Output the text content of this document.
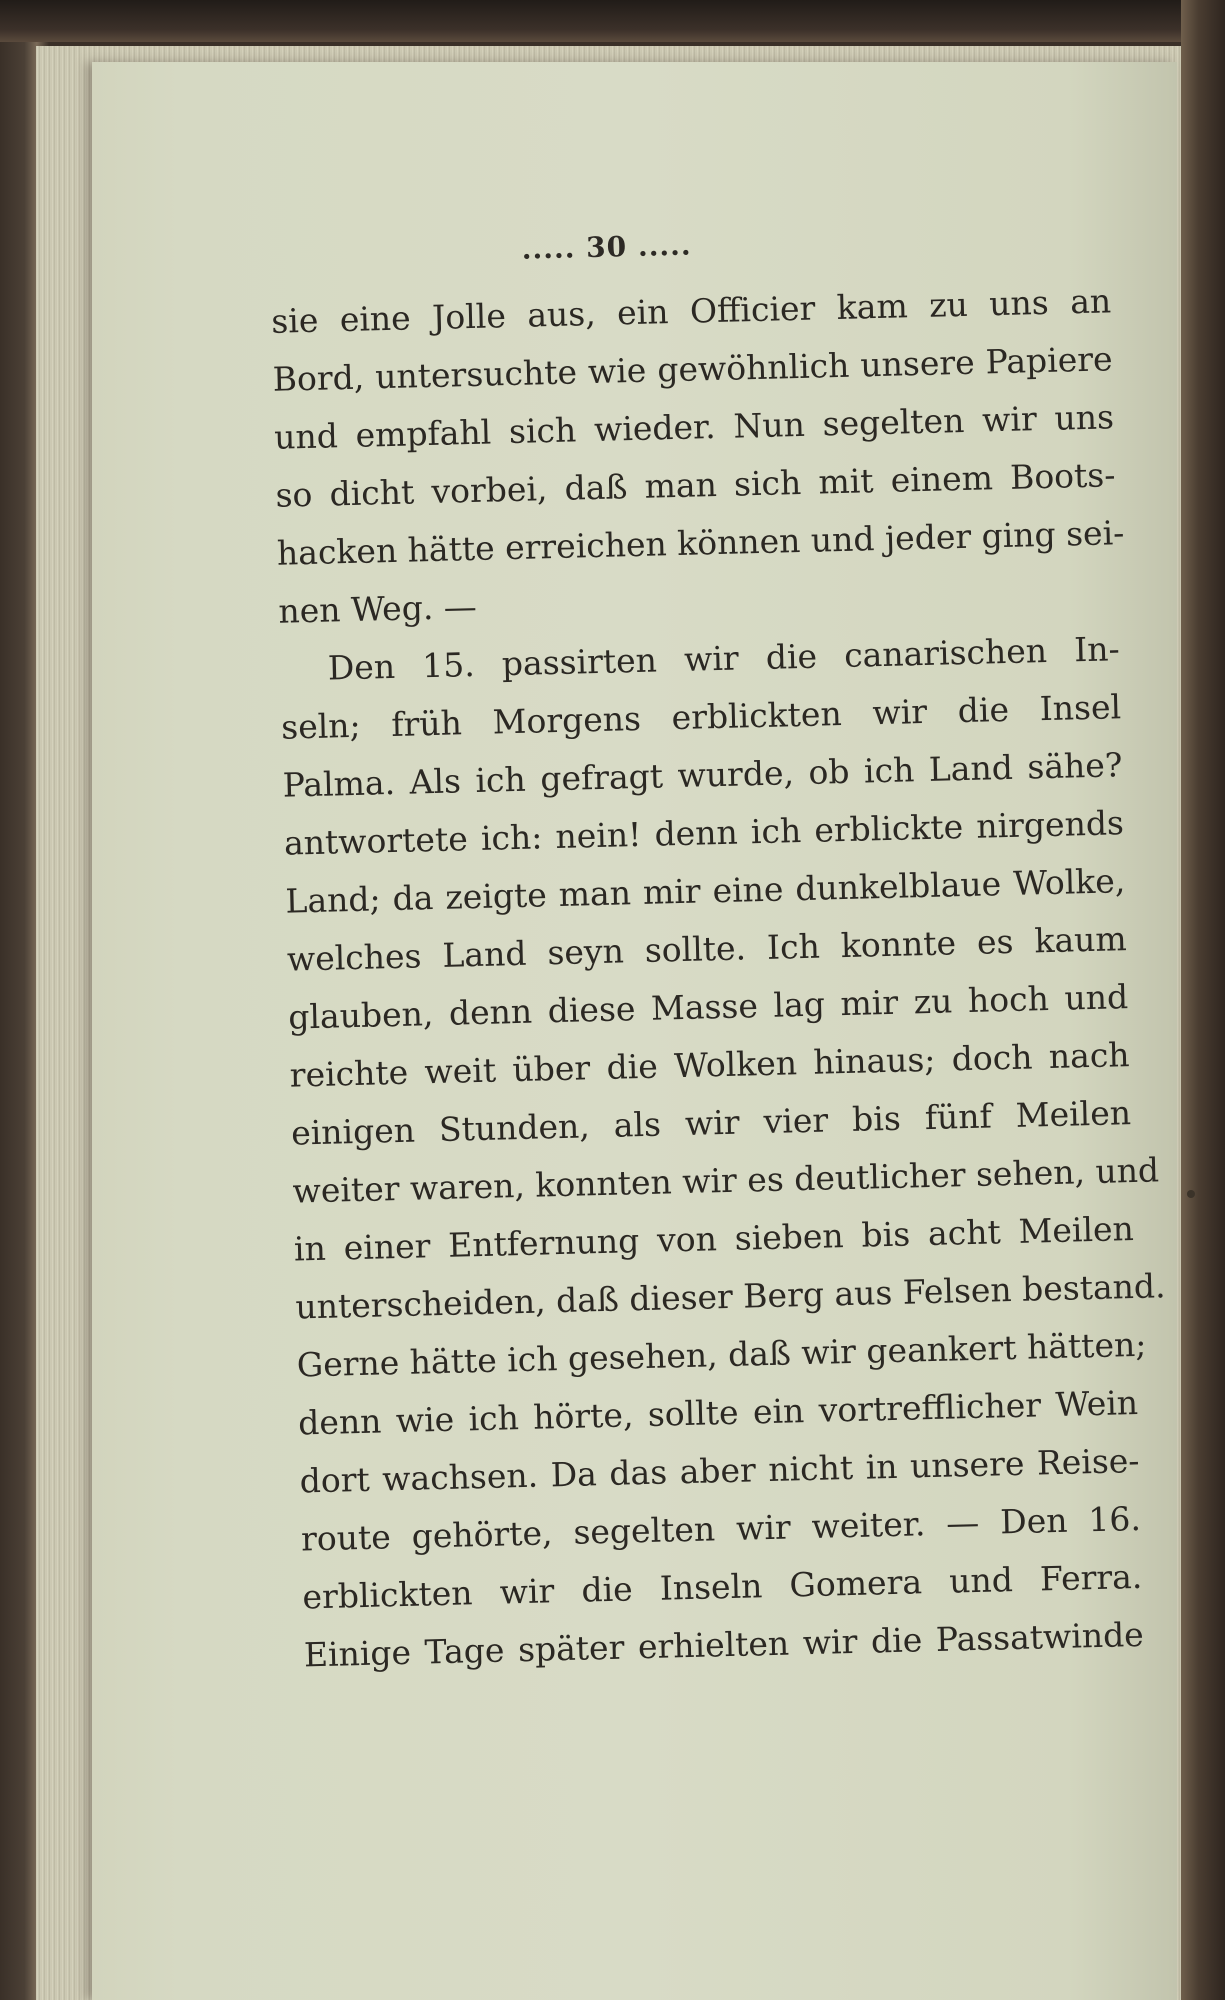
..... 30 .....
sie eine Jolle aus, ein Officier kam zu uns an
Bord, untersuchte wie gewöhnlich unsere Papiere
und empfahl sich wieder. Nun segelten wir uns
so dicht vorbei, daß man sich mit einem Boots-
hacken hätte erreichen können und jeder ging sei-
nen Weg. —
Den 15. passirten wir die canarischen In-
seln; früh Morgens erblickten wir die Insel
Palma. Als ich gefragt wurde, ob ich Land sähe?
antwortete ich: nein! denn ich erblickte nirgends
Land; da zeigte man mir eine dunkelblaue Wolke,
welches Land seyn sollte. Ich konnte es kaum
glauben, denn diese Masse lag mir zu hoch und
reichte weit über die Wolken hinaus; doch nach
einigen Stunden, als wir vier bis fünf Meilen
weiter waren, konnten wir es deutlicher sehen, und
in einer Entfernung von sieben bis acht Meilen
unterscheiden, daß dieser Berg aus Felsen bestand.
Gerne hätte ich gesehen, daß wir geankert hätten;
denn wie ich hörte, sollte ein vortrefflicher Wein
dort wachsen. Da das aber nicht in unsere Reise-
route gehörte, segelten wir weiter. — Den 16.
erblickten wir die Inseln Gomera und Ferra.
Einige Tage später erhielten wir die Passatwinde
